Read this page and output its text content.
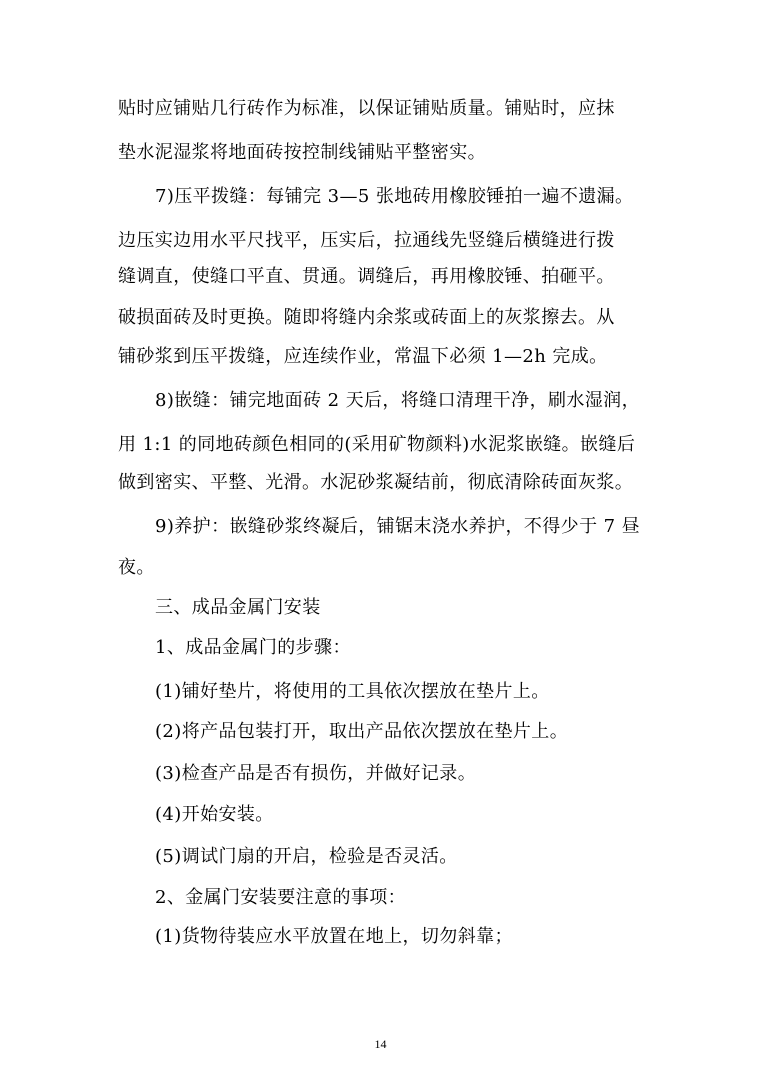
贴时应铺贴几行砖作为标准，以保证铺贴质量。铺贴时，应抹
垫水泥湿浆将地面砖按控制线铺贴平整密实。
7)压平拨缝：每铺完 3—5 张地砖用橡胶锤拍一遍不遗漏。
边压实边用水平尺找平，压实后，拉通线先竖缝后横缝进行拨
缝调直，使缝口平直、贯通。调缝后，再用橡胶锤、拍砸平。
破损面砖及时更换。随即将缝内余浆或砖面上的灰浆擦去。从
铺砂浆到压平拨缝，应连续作业，常温下必须 1—2h 完成。
8)嵌缝：铺完地面砖 2 天后，将缝口清理干净，刷水湿润，
用 1:1 的同地砖颜色相同的(采用矿物颜料)水泥浆嵌缝。嵌缝后
做到密实、平整、光滑。水泥砂浆凝结前，彻底清除砖面灰浆。
9)养护：嵌缝砂浆终凝后，铺锯末浇水养护，不得少于 7 昼
夜。
三、成品金属门安装
1、成品金属门的步骤：
(1)铺好垫片，将使用的工具依次摆放在垫片上。
(2)将产品包装打开，取出产品依次摆放在垫片上。
(3)检查产品是否有损伤，并做好记录。
(4)开始安装。
(5)调试门扇的开启，检验是否灵活。
2、金属门安装要注意的事项：
(1)货物待装应水平放置在地上，切勿斜靠；
14
